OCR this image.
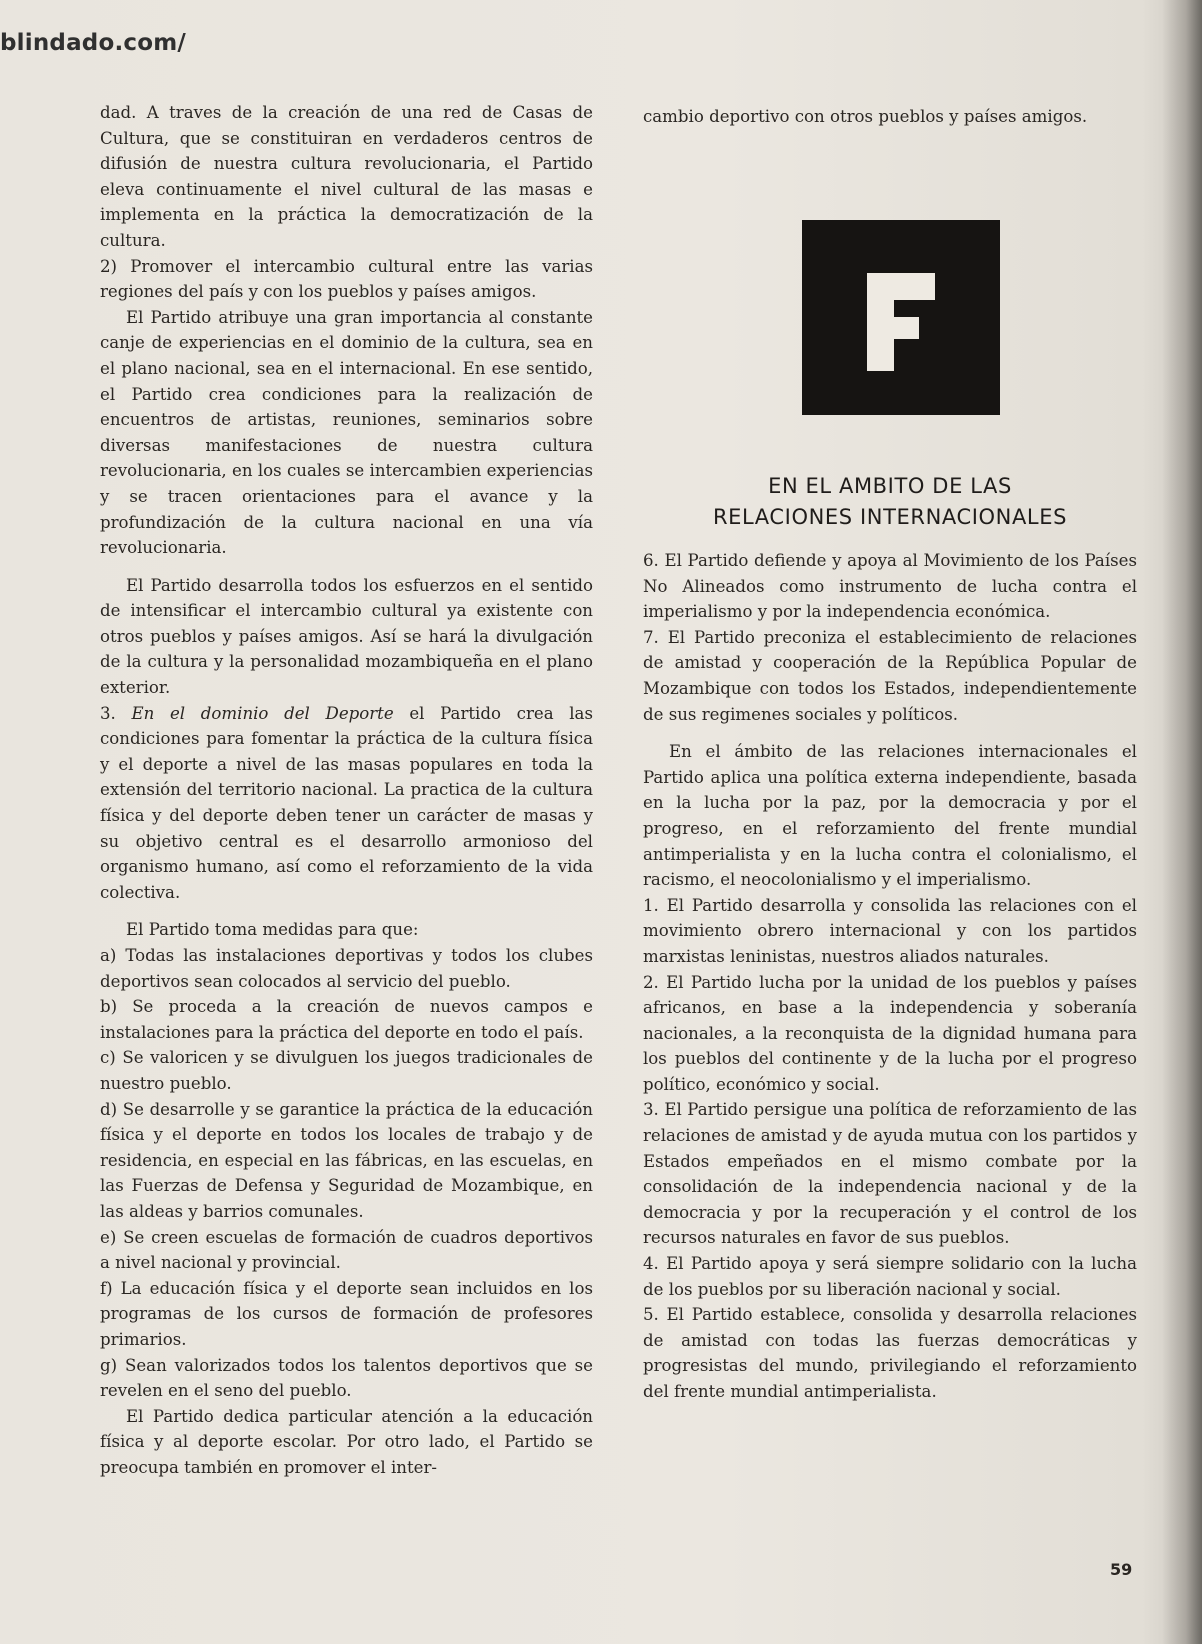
blindado.com/

dad. A traves de la creación de una red de Casas de Cultura, que se constituiran en verdaderos centros de difusión de nuestra cultura revolucionaria, el Partido eleva continuamente el nivel cultural de las masas e implementa en la práctica la democratización de la cultura.

2) Promover el intercambio cultural entre las varias regiones del país y con los pueblos y países amigos.

El Partido atribuye una gran importancia al constante canje de experiencias en el dominio de la cultura, sea en el plano nacional, sea en el internacional. En ese sentido, el Partido crea condiciones para la realización de encuentros de artistas, reuniones, seminarios sobre diversas manifestaciones de nuestra cultura revolucionaria, en los cuales se intercambien experiencias y se tracen orientaciones para el avance y la profundización de la cultura nacional en una vía revolucionaria.

El Partido desarrolla todos los esfuerzos en el sentido de intensificar el intercambio cultural ya existente con otros pueblos y países amigos. Así se hará la divulgación de la cultura y la personalidad mozambiqueña en el plano exterior.

3. En el dominio del Deporte el Partido crea las condiciones para fomentar la práctica de la cultura física y el deporte a nivel de las masas populares en toda la extensión del territorio nacional. La practica de la cultura física y del deporte deben tener un carácter de masas y su objetivo central es el desarrollo armonioso del organismo humano, así como el reforzamiento de la vida colectiva.

El Partido toma medidas para que:

a) Todas las instalaciones deportivas y todos los clubes deportivos sean colocados al servicio del pueblo.

b) Se proceda a la creación de nuevos campos e instalaciones para la práctica del deporte en todo el país.

c) Se valoricen y se divulguen los juegos tradicionales de nuestro pueblo.

d) Se desarrolle y se garantice la práctica de la educación física y el deporte en todos los locales de trabajo y de residencia, en especial en las fábricas, en las escuelas, en las Fuerzas de Defensa y Seguridad de Mozambique, en las aldeas y barrios comunales.

e) Se creen escuelas de formación de cuadros deportivos a nivel nacional y provincial.

f) La educación física y el deporte sean incluidos en los programas de los cursos de formación de profesores primarios.

g) Sean valorizados todos los talentos deportivos que se revelen en el seno del pueblo.

El Partido dedica particular atención a la educación física y al deporte escolar. Por otro lado, el Partido se preocupa también en promover el inter-

cambio deportivo con otros pueblos y países amigos.

EN EL AMBITO DE LAS
RELACIONES INTERNACIONALES

6. El Partido defiende y apoya al Movimiento de los Países No Alineados como instrumento de lucha contra el imperialismo y por la independencia económica.

7. El Partido preconiza el establecimiento de relaciones de amistad y cooperación de la República Popular de Mozambique con todos los Estados, independientemente de sus regimenes sociales y políticos.

En el ámbito de las relaciones internacionales el Partido aplica una política externa independiente, basada en la lucha por la paz, por la democracia y por el progreso, en el reforzamiento del frente mundial antimperialista y en la lucha contra el colonialismo, el racismo, el neocolonialismo y el imperialismo.

1. El Partido desarrolla y consolida las relaciones con el movimiento obrero internacional y con los partidos marxistas leninistas, nuestros aliados naturales.

2. El Partido lucha por la unidad de los pueblos y países africanos, en base a la independencia y soberanía nacionales, a la reconquista de la dignidad humana para los pueblos del continente y de la lucha por el progreso político, económico y social.

3. El Partido persigue una política de reforzamiento de las relaciones de amistad y de ayuda mutua con los partidos y Estados empeñados en el mismo combate por la consolidación de la independencia nacional y de la democracia y por la recuperación y el control de los recursos naturales en favor de sus pueblos.

4. El Partido apoya y será siempre solidario con la lucha de los pueblos por su liberación nacional y social.

5. El Partido establece, consolida y desarrolla relaciones de amistad con todas las fuerzas democráticas y progresistas del mundo, privilegiando el reforzamiento del frente mundial antimperialista.

59
